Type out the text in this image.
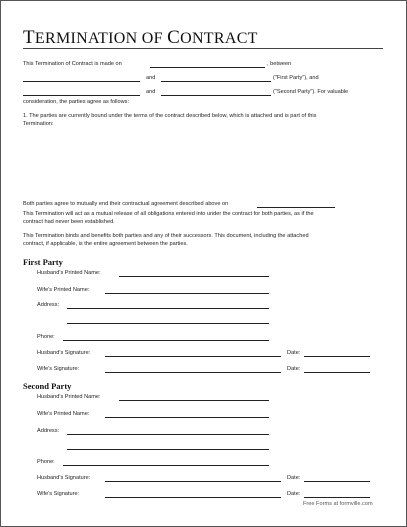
TERMINATION OF CONTRACT
This Termination of Contract is made on	, between
and	("First Party"), and
and	("Second Party"). For valuable
consideration, the parties agree as follows:
1. The parties are currently bound under the terms of the contract described below, which is attached and is part of this
Termination:
Both parties agree to mutually end their contractual agreement described above on
This Termination will act as a mutual release of all obligations entered into under the contract for both parties, as if the
contract had never been established.
This Termination binds and benefits both parties and any of their successors. This document, including the attached
contract, if applicable, is the entire agreement between the parties.
First Party
Husband's Printed Name:
Wife's Printed Name:
Address:
Phone:
Husband's Signature:	Date:
Wife's Signature:	Date:
Second Party
Husband's Printed Name:
Wife's Printed Name:
Address:
Phone:
Husband's Signature:	Date:
Wife's Signature:	Date:
Free Forms at formville.com
